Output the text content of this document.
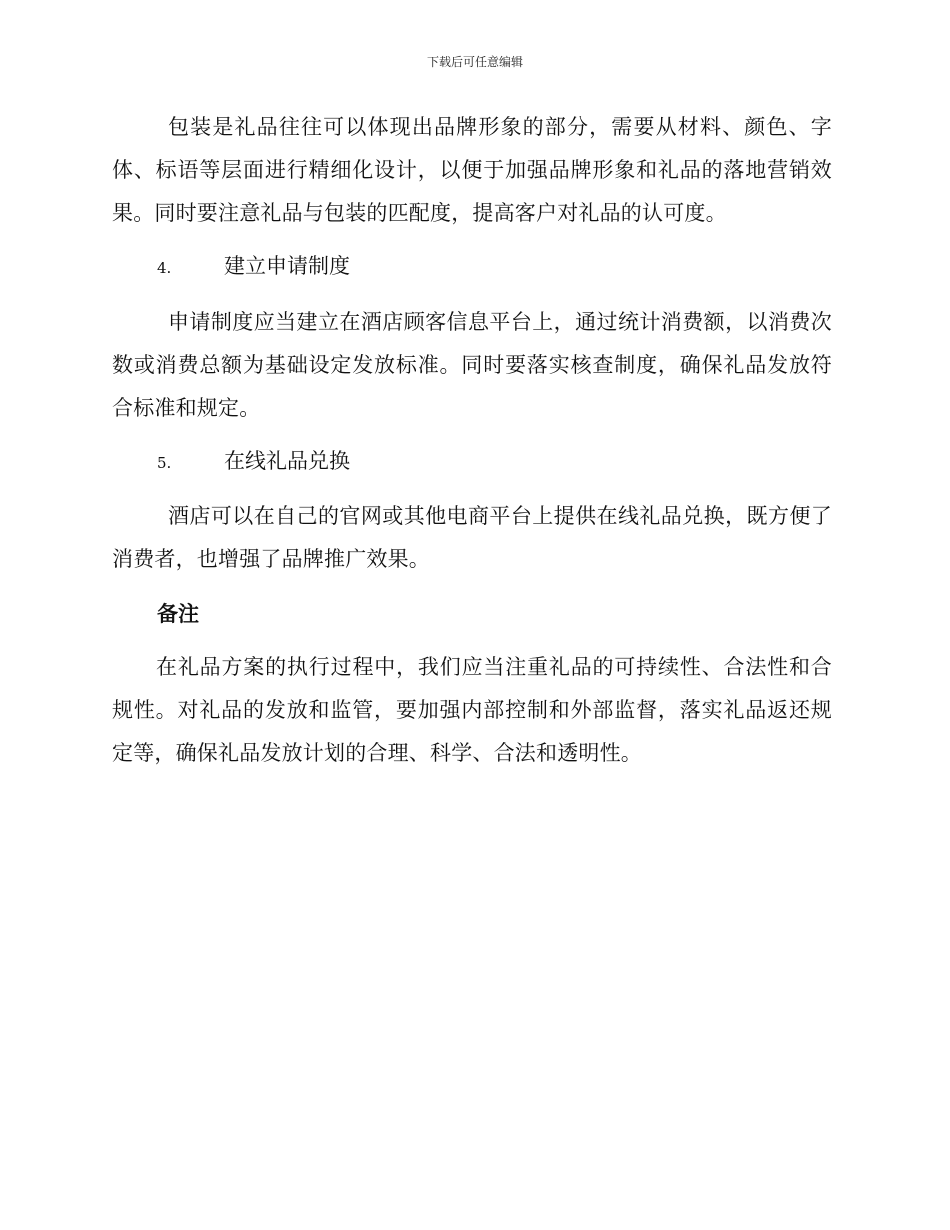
下载后可任意编辑

包装是礼品往往可以体现出品牌形象的部分，需要从材料、颜色、字体、标语等层面进行精细化设计，以便于加强品牌形象和礼品的落地营销效果。同时要注意礼品与包装的匹配度，提高客户对礼品的认可度。

4.	建立申请制度

申请制度应当建立在酒店顾客信息平台上，通过统计消费额，以消费次数或消费总额为基础设定发放标准。同时要落实核查制度，确保礼品发放符合标准和规定。

5.	在线礼品兑换

酒店可以在自己的官网或其他电商平台上提供在线礼品兑换，既方便了消费者，也增强了品牌推广效果。

备注

在礼品方案的执行过程中，我们应当注重礼品的可持续性、合法性和合规性。对礼品的发放和监管，要加强内部控制和外部监督，落实礼品返还规定等，确保礼品发放计划的合理、科学、合法和透明性。
